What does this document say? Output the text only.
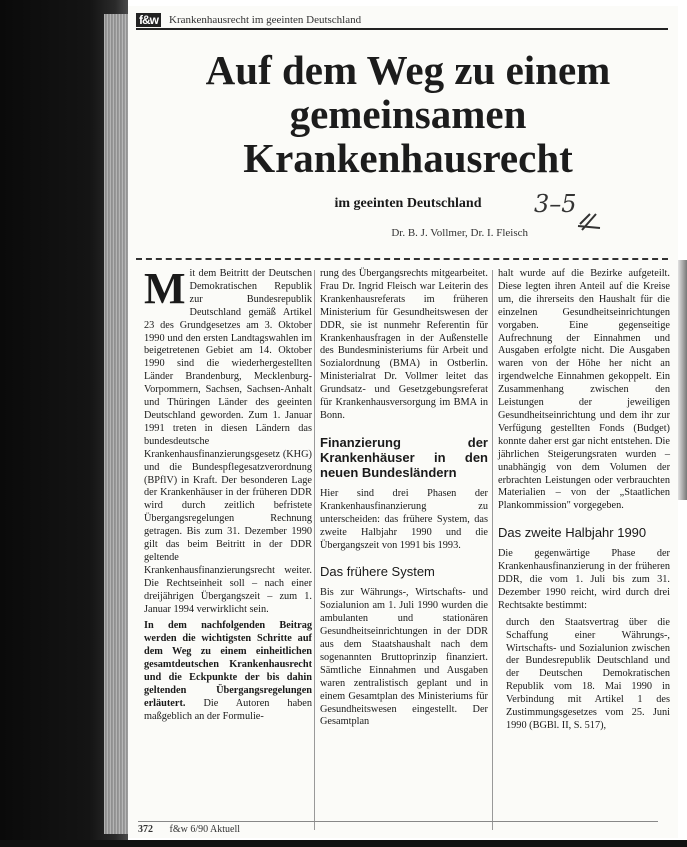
f&w Krankenhausrecht im geeinten Deutschland
Auf dem Weg zu einem gemeinsamen Krankenhausrecht
im geeinten Deutschland
Dr. B. J. Vollmer, Dr. I. Fleisch
3–5

Mit dem Beitritt der Deutschen Demokratischen Republik zur Bundesrepublik Deutschland gemäß Artikel 23 des Grundgesetzes am 3. Oktober 1990 und den ersten Landtagswahlen im beigetretenen Gebiet am 14. Oktober 1990 sind die wiederhergestellten Länder Brandenburg, Mecklenburg-Vorpommern, Sachsen, Sachsen-Anhalt und Thüringen Länder des geeinten Deutschland geworden. Zum 1. Januar 1991 treten in diesen Ländern das bundesdeutsche Krankenhausfinanzierungsgesetz (KHG) und die Bundespflegesatzverordnung (BPflV) in Kraft. Der besonderen Lage der Krankenhäuser in der früheren DDR wird durch zeitlich befristete Übergangsregelungen Rechnung getragen. Bis zum 31. Dezember 1990 gilt das beim Beitritt in der DDR geltende Krankenhausfinanzierungsrecht weiter. Die Rechtseinheit soll – nach einer dreijährigen Übergangszeit – zum 1. Januar 1994 verwirklicht sein.

In dem nachfolgenden Beitrag werden die wichtigsten Schritte auf dem Weg zu einem einheitlichen gesamtdeutschen Krankenhausrecht und die Eckpunkte der bis dahin geltenden Übergangsregelungen erläutert. Die Autoren haben maßgeblich an der Formulie-

rung des Übergangsrechts mitgearbeitet. Frau Dr. Ingrid Fleisch war Leiterin des Krankenhausreferats im früheren Ministerium für Gesundheitswesen der DDR, sie ist nunmehr Referentin für Krankenhausfragen in der Außenstelle des Bundesministeriums für Arbeit und Sozialordnung (BMA) in Ostberlin. Ministerialrat Dr. Vollmer leitet das Grundsatz- und Gesetzgebungsreferat für Krankenhausversorgung im BMA in Bonn.

Finanzierung der Krankenhäuser in den neuen Bundesländern

Hier sind drei Phasen der Krankenhausfinanzierung zu unterscheiden: das frühere System, das zweite Halbjahr 1990 und die Übergangszeit von 1991 bis 1993.

Das frühere System

Bis zur Währungs-, Wirtschafts- und Sozialunion am 1. Juli 1990 wurden die ambulanten und stationären Gesundheitseinrichtungen in der DDR aus dem Staatshaushalt nach dem sogenannten Bruttoprinzip finanziert. Sämtliche Einnahmen und Ausgaben waren zentralistisch geplant und in einem Gesamtplan des Ministeriums für Gesundheitswesen eingestellt. Der Gesamtplan

halt wurde auf die Bezirke aufgeteilt. Diese legten ihren Anteil auf die Kreise um, die ihrerseits den Haushalt für die einzelnen Gesundheitseinrichtungen vorgaben. Eine gegenseitige Aufrechnung der Einnahmen und Ausgaben erfolgte nicht. Die Ausgaben waren von der Höhe her nicht an irgendwelche Einnahmen gekoppelt. Ein Zusammenhang zwischen den Leistungen der jeweiligen Gesundheitseinrichtung und dem ihr zur Verfügung gestellten Fonds (Budget) konnte daher erst gar nicht entstehen. Die jährlichen Steigerungsraten wurden – unabhängig von dem Volumen der erbrachten Leistungen oder verbrauchten Materialien – von der „Staatlichen Plankommission" vorgegeben.

Das zweite Halbjahr 1990

Die gegenwärtige Phase der Krankenhausfinanzierung in der früheren DDR, die vom 1. Juli bis zum 31. Dezember 1990 reicht, wird durch drei Rechtsakte bestimmt:

durch den Staatsvertrag über die Schaffung einer Währungs-, Wirtschafts- und Sozialunion zwischen der Bundesrepublik Deutschland und der Deutschen Demokratischen Republik vom 18. Mai 1990 in Verbindung mit Artikel 1 des Zustimmungsgesetzes vom 25. Juni 1990 (BGBl. II, S. 517),

372 f&w 6/90 Aktuell
